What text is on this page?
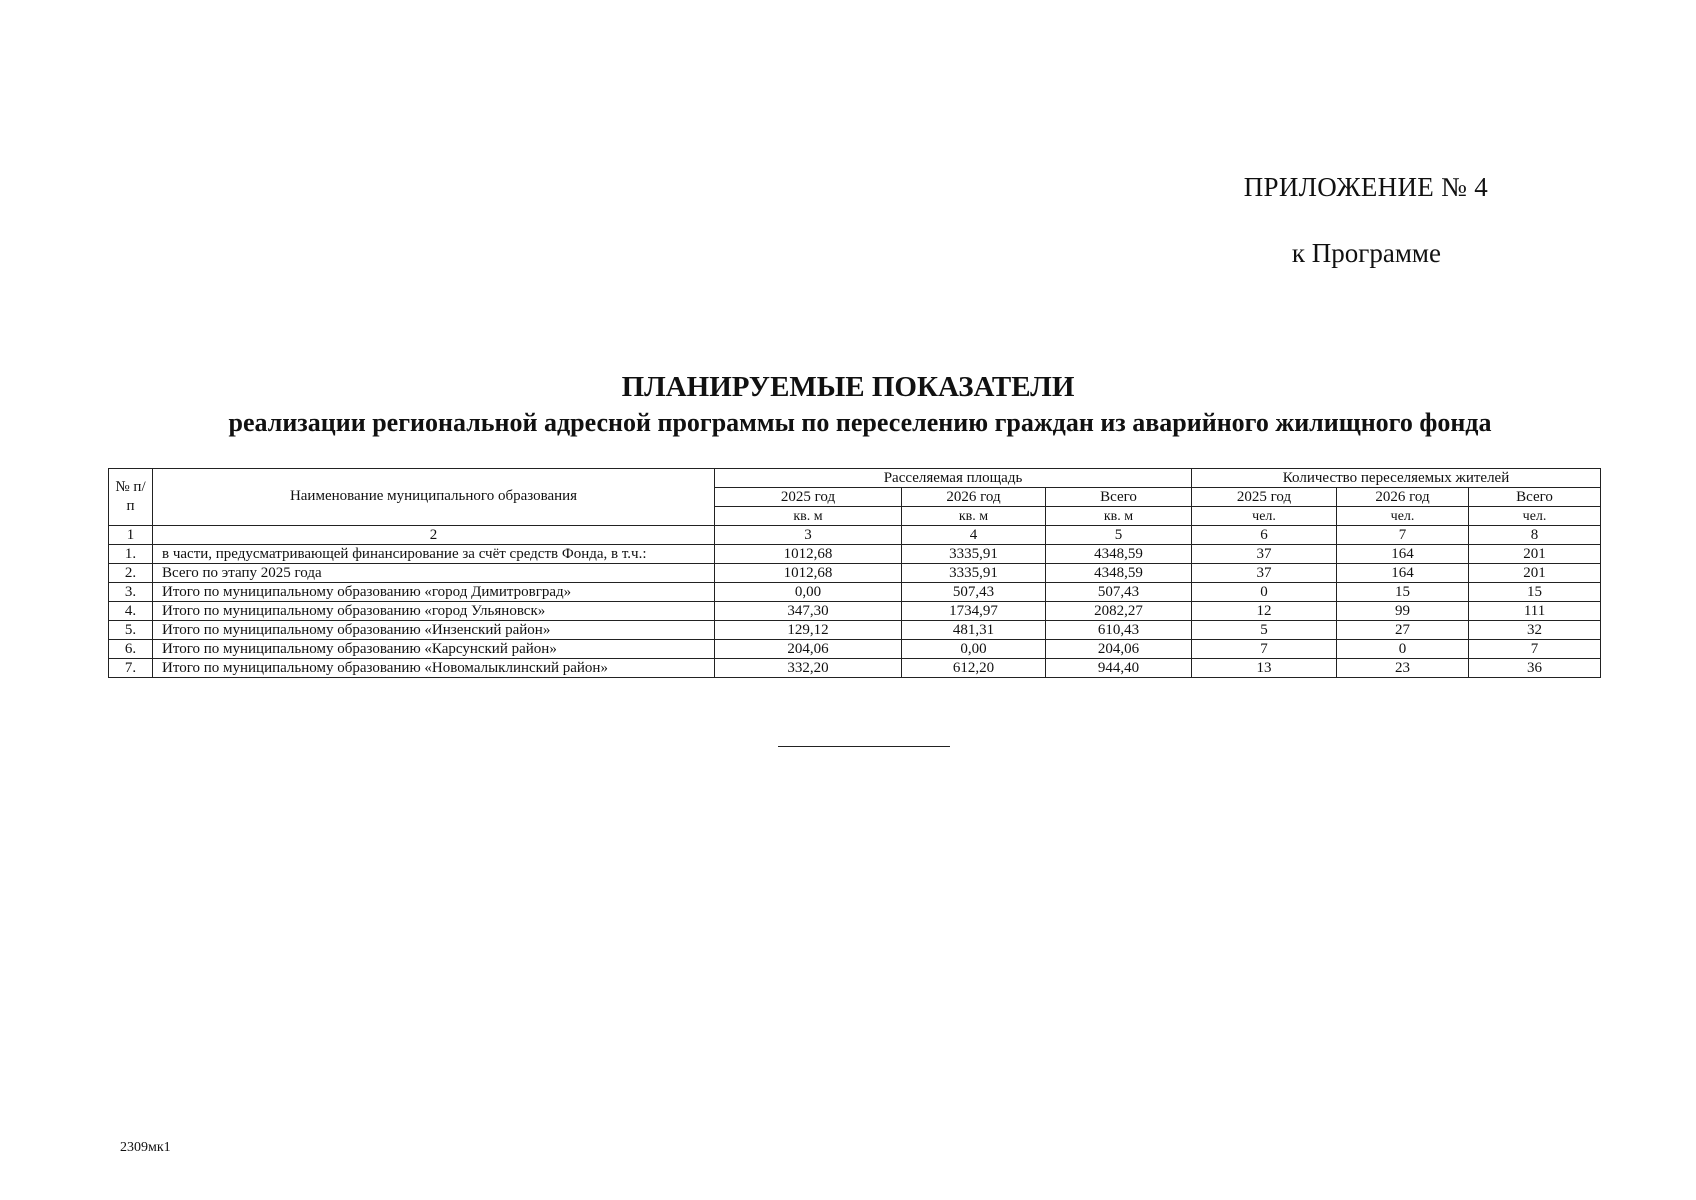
ПРИЛОЖЕНИЕ № 4
к Программе
ПЛАНИРУЕМЫЕ ПОКАЗАТЕЛИ
реализации региональной адресной программы по переселению граждан из аварийного жилищного фонда
№ п/п	Наименование муниципального образования	Расселяемая площадь			Количество переселяемых жителей		
		2025 год	2026 год	Всего	2025 год	2026 год	Всего
		кв. м	кв. м	кв. м	чел.	чел.	чел.
1	2	3	4	5	6	7	8
1.	в части, предусматривающей финансирование за счёт средств Фонда, в т.ч.:	1012,68	3335,91	4348,59	37	164	201
2.	Всего по этапу 2025 года	1012,68	3335,91	4348,59	37	164	201
3.	Итого по муниципальному образованию «город Димитровград»	0,00	507,43	507,43	0	15	15
4.	Итого по муниципальному образованию «город Ульяновск»	347,30	1734,97	2082,27	12	99	111
5.	Итого по муниципальному образованию «Инзенский район»	129,12	481,31	610,43	5	27	32
6.	Итого по муниципальному образованию «Карсунский район»	204,06	0,00	204,06	7	0	7
7.	Итого по муниципальному образованию «Новомалыклинский район»	332,20	612,20	944,40	13	23	36
2309мк1
